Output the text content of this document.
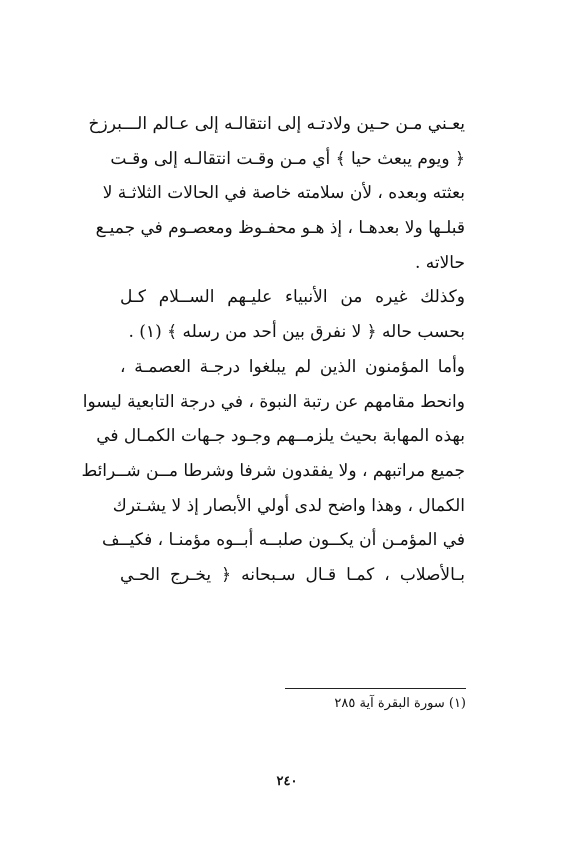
يعـني مـن حـين ولادتـه إلى انتقالـه إلى عـالم الـــبرزخ
﴿ ويوم يبعث حيا ﴾ أي مـن وقـت انتقالـه إلى وقـت
بعثته وبعده ، لأن سلامته خاصة في الحالات الثلاثـة لا
قبلـها ولا بعدهـا ، إذ هـو محفـوظ ومعصـوم في جميـع
حالاته .
وكذلك غيره من الأنبياء عليـهم الســلام كـل
بحسب حاله ﴿ لا نفرق بين أحد من رسله ﴾ (١) .
وأما المؤمنون الذين لم يبلغوا درجـة العصمـة ،
وانحط مقامهم عن رتبة النبوة ، في درجة التابعية ليسوا
بهذه المهابة بحيث يلزمــهم وجـود جـهات الكمـال في
جميع مراتبهم ، ولا يفقدون شرفا وشرطا مــن شــرائط
الكمال ، وهذا واضح لدى أولي الأبصار إذ لا يشـترك
في المؤمـن أن يكــون صلبــه أبــوه مؤمنـا ، فكيــف
بـالأصلاب ، كمـا قـال سـبحانه ﴿ يخـرج الحـي
(١) سورة البقرة آية ٢٨٥
٢٤٠
